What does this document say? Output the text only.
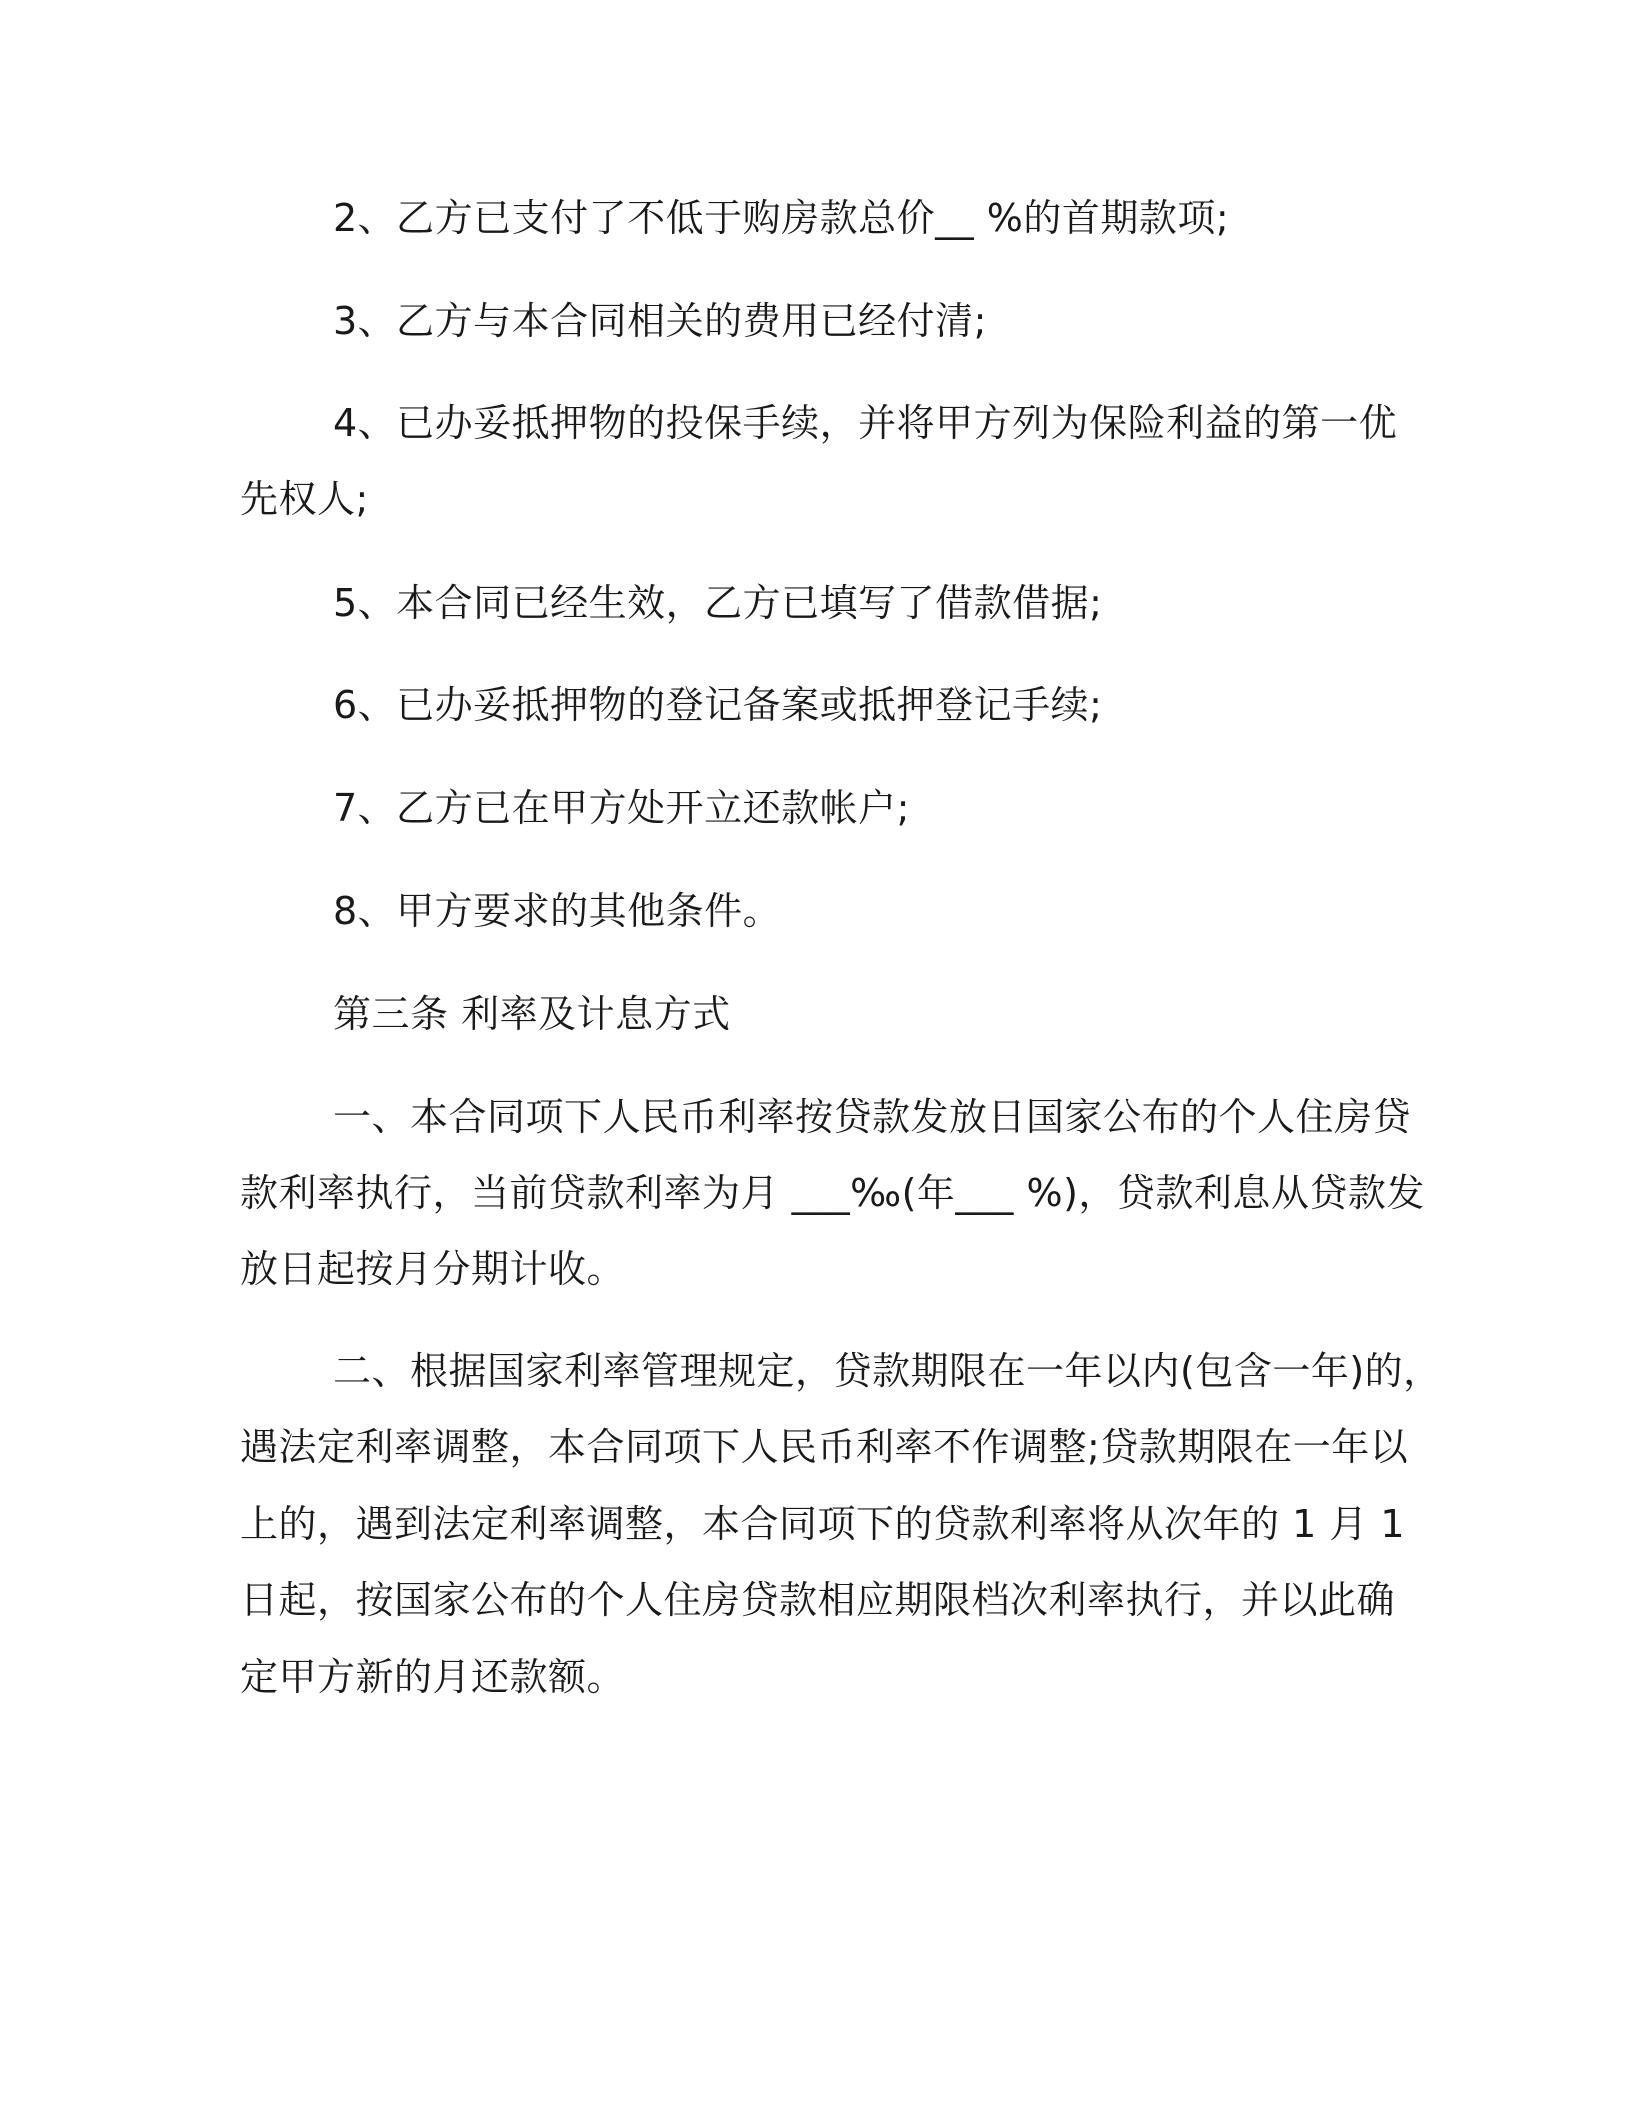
2、乙方已支付了不低于购房款总价__ %的首期款项;
3、乙方与本合同相关的费用已经付清;
4、已办妥抵押物的投保手续，并将甲方列为保险利益的第一优
先权人;
5、本合同已经生效，乙方已填写了借款借据;
6、已办妥抵押物的登记备案或抵押登记手续;
7、乙方已在甲方处开立还款帐户;
8、甲方要求的其他条件。
第三条 利率及计息方式
一、本合同项下人民币利率按贷款发放日国家公布的个人住房贷
款利率执行，当前贷款利率为月 ___‰(年___ %)，贷款利息从贷款发
放日起按月分期计收。
二、根据国家利率管理规定，贷款期限在一年以内(包含一年)的，
遇法定利率调整，本合同项下人民币利率不作调整;贷款期限在一年以
上的，遇到法定利率调整，本合同项下的贷款利率将从次年的 1 月 1
日起，按国家公布的个人住房贷款相应期限档次利率执行，并以此确
定甲方新的月还款额。
